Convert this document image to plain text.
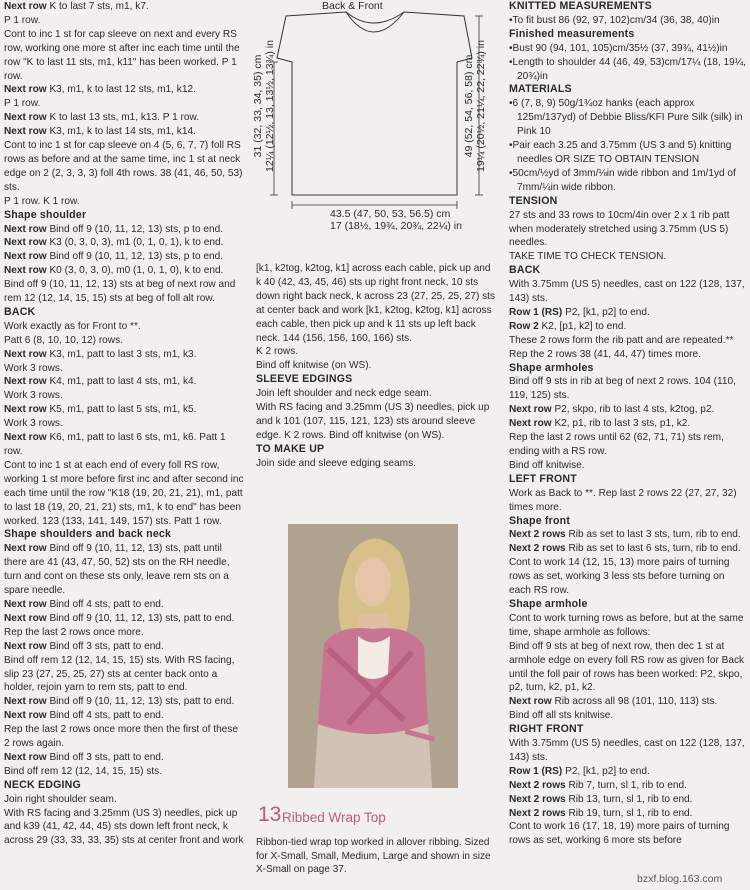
Next row K to last 7 sts, m1, k7.

P 1 row.

Cont to inc 1 st for cap sleeve on next and every RS row, working one more st after inc each time until the row "K to last 11 sts, m1, k11" has been worked. P 1 row.

Next row K3, m1, k to last 12 sts, m1, k12.

P 1 row.

Next row K to last 13 sts, m1, k13. P 1 row.

Next row K3, m1, k to last 14 sts, m1, k14.

Cont to inc 1 st for cap sleeve on 4 (5, 6, 7, 7) foll RS rows as before and at the same time, inc 1 st at neck edge on 2 (2, 3, 3, 3) foll 4th rows. 38 (41, 46, 50, 53) sts.

P 1 row. K 1 row.

Shape shoulder

Next row Bind off 9 (10, 11, 12, 13) sts, p to end.

Next row K3 (0, 3, 0, 3), m1 (0, 1, 0, 1), k to end.

Next row Bind off 9 (10, 11, 12, 13) sts, p to end.

Next row K0 (3, 0, 3, 0), m0 (1, 0, 1, 0), k to end.

Bind off 9 (10, 11, 12, 13) sts at beg of next row and rem 12 (12, 14, 15, 15) sts at beg of foll alt row.

BACK

Work exactly as for Front to **.

Patt 6 (8, 10, 10, 12) rows.

Next row K3, m1, patt to last 3 sts, m1, k3.

Work 3 rows.

Next row K4, m1, patt to last 4 sts, m1, k4.

Work 3 rows.

Next row K5, m1, patt to last 5 sts, m1, k5.

Work 3 rows.

Next row K6, m1, patt to last 6 sts, m1, k6. Patt 1 row.

Cont to inc 1 st at each end of every foll RS row, working 1 st more before first inc and after second inc each time until the row "K18 (19, 20, 21, 21), m1, patt to last 18 (19, 20, 21, 21) sts, m1, k to end" has been worked. 123 (133, 141, 149, 157) sts. Patt 1 row.

Shape shoulders and back neck

Next row Bind off 9 (10, 11, 12, 13) sts, patt until there are 41 (43, 47, 50, 52) sts on the RH needle, turn and cont on these sts only, leave rem sts on a spare needle.

Next row Bind off 4 sts, patt to end.

Next row Bind off 9 (10, 11, 12, 13) sts, patt to end.

Rep the last 2 rows once more.

Next row Bind off 3 sts, patt to end.

Bind off rem 12 (12, 14, 15, 15) sts. With RS facing, slip 23 (27, 25, 25, 27) sts at center back onto a holder, rejoin yarn to rem sts, patt to end.

Next row Bind off 9 (10, 11, 12, 13) sts, patt to end.

Next row Bind off 4 sts, patt to end.

Rep the last 2 rows once more then the first of these 2 rows again.

Next row Bind off 3 sts, patt to end.

Bind off rem 12 (12, 14, 15, 15) sts.

NECK EDGING

Join right shoulder seam.

With RS facing and 3.25mm (US 3) needles, pick up and k39 (41, 42, 44, 45) sts down left front neck, k across 29 (33, 33, 33, 35) sts at center front and work

Back & Front
43.5 (47, 50, 53, 56.5) cm
17 (18½, 19¾, 20¾, 22¼) in
31 (32, 33, 34, 35) cm 12¼ (12½, 13, 13½, 13¾) in	49 (52, 54, 56, 58) cm 19¼ (20½, 21¼, 22, 22¾) in

[k1, k2tog, k2tog, k1] across each cable, pick up and k 40 (42, 43, 45, 46) sts up right front neck, 10 sts down right back neck, k across 23 (27, 25, 25, 27) sts at center back and work [k1, k2tog, k2tog, k1] across each cable, then pick up and k 11 sts up left back neck. 144 (156, 156, 160, 166) sts.

K 2 rows.

Bind off knitwise (on WS).

SLEEVE EDGINGS

Join left shoulder and neck edge seam.

With RS facing and 3.25mm (US 3) needles, pick up and k 101 (107, 115, 121, 123) sts around sleeve edge. K 2 rows. Bind off knitwise (on WS).

TO MAKE UP

Join side and sleeve edging seams.

13 Ribbed Wrap Top
Ribbon-tied wrap top worked in allover ribbing. Sized for X-Small, Small, Medium, Large and shown in size X-Small on page 37.

KNITTED MEASUREMENTS

•To fit bust 86 (92, 97, 102)cm/34 (36, 38, 40)in

Finished measurements

•Bust 90 (94, 101, 105)cm/35½ (37, 39¾, 41½)in

•Length to shoulder 44 (46, 49, 53)cm/17¼ (18, 19¼, 20¾)in

MATERIALS

•6 (7, 8, 9) 50g/1¾oz hanks (each approx 125m/137yd) of Debbie Bliss/KFI Pure Silk (silk) in Pink 10

•Pair each 3.25 and 3.75mm (US 3 and 5) knitting needles OR SIZE TO OBTAIN TENSION

•50cm/½yd of 3mm/⅛in wide ribbon and 1m/1yd of 7mm/¼in wide ribbon.

TENSION

27 sts and 33 rows to 10cm/4in over 2 x 1 rib patt when moderately stretched using 3.75mm (US 5) needles.

TAKE TIME TO CHECK TENSION.

BACK

With 3.75mm (US 5) needles, cast on 122 (128, 137, 143) sts.

Row 1 (RS) P2, [k1, p2] to end.

Row 2 K2, [p1, k2] to end.

These 2 rows form the rib patt and are repeated.**

Rep the 2 rows 38 (41, 44, 47) times more.

Shape armholes

Bind off 9 sts in rib at beg of next 2 rows. 104 (110, 119, 125) sts.

Next row P2, skpo, rib to last 4 sts, k2tog, p2.

Next row K2, p1, rib to last 3 sts, p1, k2.

Rep the last 2 rows until 62 (62, 71, 71) sts rem, ending with a RS row.

Bind off knitwise.

LEFT FRONT

Work as Back to **. Rep last 2 rows 22 (27, 27, 32) times more.

Shape front

Next 2 rows Rib as set to last 3 sts, turn, rib to end.

Next 2 rows Rib as set to last 6 sts, turn, rib to end.

Cont to work 14 (12, 15, 13) more pairs of turning rows as set, working 3 less sts before turning on each RS row.

Shape armhole

Cont to work turning rows as before, but at the same time, shape armhole as follows:

Bind off 9 sts at beg of next row, then dec 1 st at armhole edge on every foll RS row as given for Back until the foll pair of rows has been worked: P2, skpo, p2, turn, k2, p1, k2.

Next row Rib across all 98 (101, 110, 113) sts.

Bind off all sts knitwise.

RIGHT FRONT

With 3.75mm (US 5) needles, cast on 122 (128, 137, 143) sts.

Row 1 (RS) P2, [k1, p2] to end.

Next 2 rows Rib 7, turn, sl 1, rib to end.

Next 2 rows Rib 13, turn, sl 1, rib to end.

Next 2 rows Rib 19, turn, sl 1, rib to end.

Cont to work 16 (17, 18, 19) more pairs of turning rows as set, working 6 more sts before

bzxf.blog.163.com
